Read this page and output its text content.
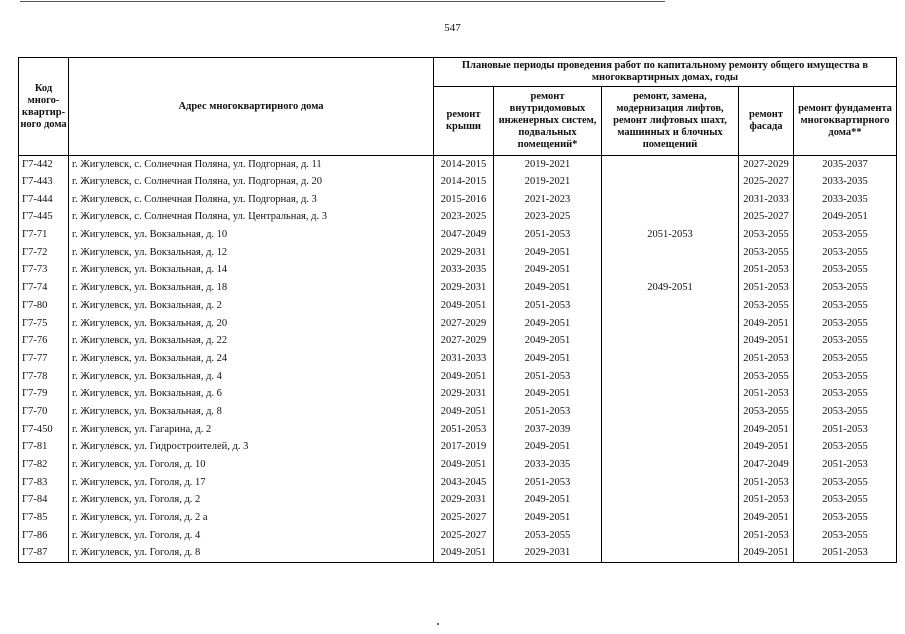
547
Код много-квартир-ного дома	Адрес многоквартирного дома	Плановые периоды проведения работ по капитальному ремонту общего имущества в многоквартирных домах, годы				
		ремонт крыши	ремонт внутридомовых инженерных систем, подвальных помещений*	ремонт, замена, модернизация лифтов, ремонт лифтовых шахт, машинных и блочных помещений	ремонт фасада	ремонт фундамента многоквартирного дома**
Г7-442	г. Жигулевск, с. Солнечная Поляна, ул. Подгорная, д. 11	2014-2015	2019-2021		2027-2029	2035-2037
Г7-443	г. Жигулевск, с. Солнечная Поляна, ул. Подгорная, д. 20	2014-2015	2019-2021		2025-2027	2033-2035
Г7-444	г. Жигулевск, с. Солнечная Поляна, ул. Подгорная, д. 3	2015-2016	2021-2023		2031-2033	2033-2035
Г7-445	г. Жигулевск, с. Солнечная Поляна, ул. Центральная, д. 3	2023-2025	2023-2025		2025-2027	2049-2051
Г7-71	г. Жигулевск, ул. Вокзальная, д. 10	2047-2049	2051-2053	2051-2053	2053-2055	2053-2055
Г7-72	г. Жигулевск, ул. Вокзальная, д. 12	2029-2031	2049-2051		2053-2055	2053-2055
Г7-73	г. Жигулевск, ул. Вокзальная, д. 14	2033-2035	2049-2051		2051-2053	2053-2055
Г7-74	г. Жигулевск, ул. Вокзальная, д. 18	2029-2031	2049-2051	2049-2051	2051-2053	2053-2055
Г7-80	г. Жигулевск, ул. Вокзальная, д. 2	2049-2051	2051-2053		2053-2055	2053-2055
Г7-75	г. Жигулевск, ул. Вокзальная, д. 20	2027-2029	2049-2051		2049-2051	2053-2055
Г7-76	г. Жигулевск, ул. Вокзальная, д. 22	2027-2029	2049-2051		2049-2051	2053-2055
Г7-77	г. Жигулевск, ул. Вокзальная, д. 24	2031-2033	2049-2051		2051-2053	2053-2055
Г7-78	г. Жигулевск, ул. Вокзальная, д. 4	2049-2051	2051-2053		2053-2055	2053-2055
Г7-79	г. Жигулевск, ул. Вокзальная, д. 6	2029-2031	2049-2051		2051-2053	2053-2055
Г7-70	г. Жигулевск, ул. Вокзальная, д. 8	2049-2051	2051-2053		2053-2055	2053-2055
Г7-450	г. Жигулевск, ул. Гагарина, д. 2	2051-2053	2037-2039		2049-2051	2051-2053
Г7-81	г. Жигулевск, ул. Гидростроителей, д. 3	2017-2019	2049-2051		2049-2051	2053-2055
Г7-82	г. Жигулевск, ул. Гоголя, д. 10	2049-2051	2033-2035		2047-2049	2051-2053
Г7-83	г. Жигулевск, ул. Гоголя, д. 17	2043-2045	2051-2053		2051-2053	2053-2055
Г7-84	г. Жигулевск, ул. Гоголя, д. 2	2029-2031	2049-2051		2051-2053	2053-2055
Г7-85	г. Жигулевск, ул. Гоголя, д. 2 а	2025-2027	2049-2051		2049-2051	2053-2055
Г7-86	г. Жигулевск, ул. Гоголя, д. 4	2025-2027	2053-2055		2051-2053	2053-2055
Г7-87	г. Жигулевск, ул. Гоголя, д. 8	2049-2051	2029-2031		2049-2051	2051-2053
